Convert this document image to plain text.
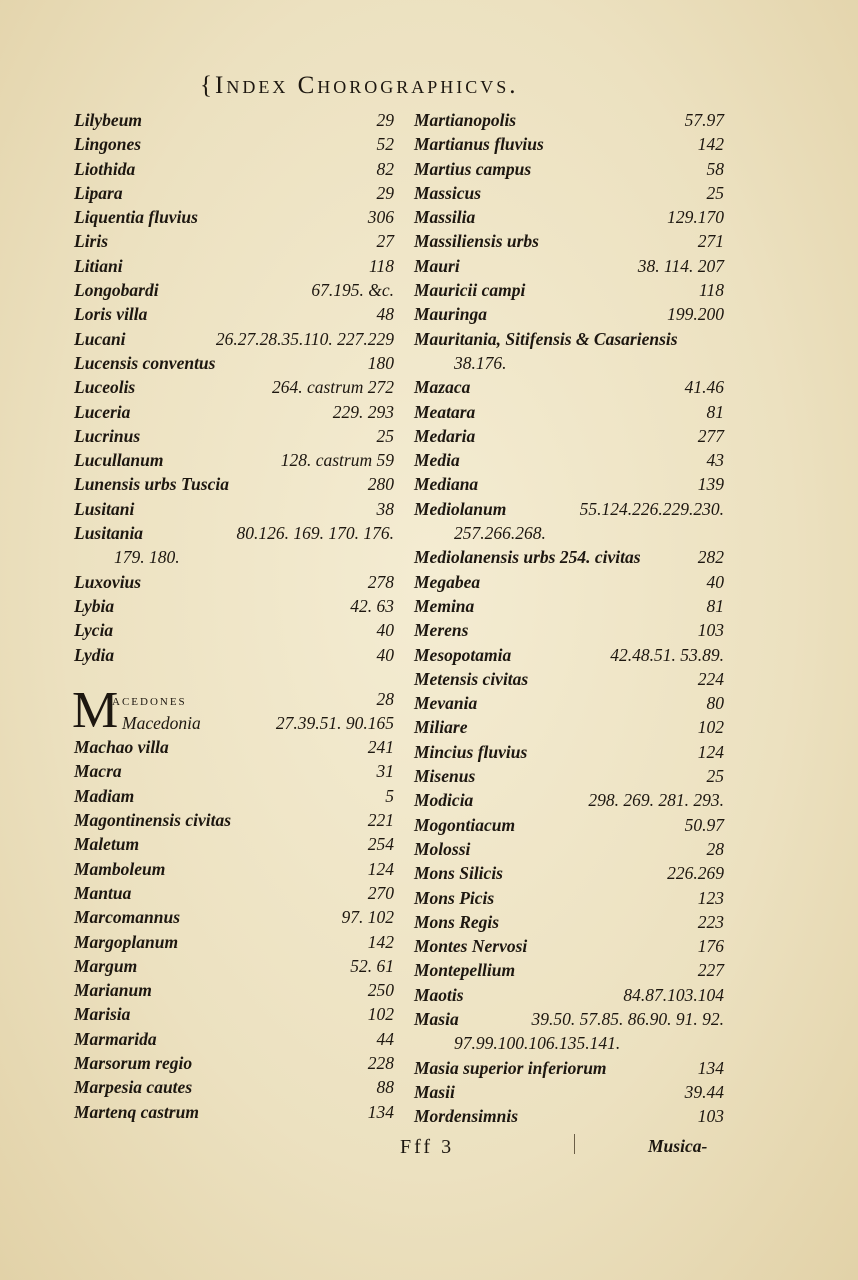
{Index Chorographicvs.
Lilybeum	29
Lingones	52
Liothida	82
Lipara	29
Liquentia fluvius	306
Liris	27
Litiani	118
Longobardi	67.195. &c.
Loris villa	48
Lucani	26.27.28.35.110. 227.229
Lucensis conventus	180
Luceolis	264. castrum 272
Luceria	229. 293
Lucrinus	25
Lucullanum	128. castrum 59
Lunensis urbs Tuscia	280
Lusitani	38
Lusitania	80.126. 169. 170. 176.
179. 180.
Luxovius	278
Lybia	42. 63
Lycia	40
Lydia	40
M
acedones	28
Macedonia	27.39.51. 90.165
Machao villa	241
Macra	31
Madiam	5
Magontinensis civitas	221
Maletum	254
Mamboleum	124
Mantua	270
Marcomannus	97. 102
Margoplanum	142
Margum	52. 61
Marianum	250
Marisia	102
Marmarida	44
Marsorum regio	228
Marpesia cautes	88
Martenq castrum	134
Martianopolis	57.97
Martianus fluvius	142
Martius campus	58
Massicus	25
Massilia	129.170
Massiliensis urbs	271
Mauri	38. 114. 207
Mauricii campi	118
Mauringa	199.200
Mauritania, Sitifensis & Casariensis
38.176.
Mazaca	41.46
Meatara	81
Medaria	277
Media	43
Mediana	139
Mediolanum	55.124.226.229.230.
257.266.268.
Mediolanensis urbs 254. civitas	282
Megabea	40
Memina	81
Merens	103
Mesopotamia	42.48.51. 53.89.
Metensis civitas	224
Mevania	80
Miliare	102
Mincius fluvius	124
Misenus	25
Modicia	298. 269. 281. 293.
Mogontiacum	50.97
Molossi	28
Mons Silicis	226.269
Mons Picis	123
Mons Regis	223
Montes Nervosi	176
Montepellium	227
Maotis	84.87.103.104
Masia	39.50. 57.85. 86.90. 91. 92.
97.99.100.106.135.141.
Masia superior inferiorum	134
Masii	39.44
Mordensimnis	103
Fff 3	Musica-
